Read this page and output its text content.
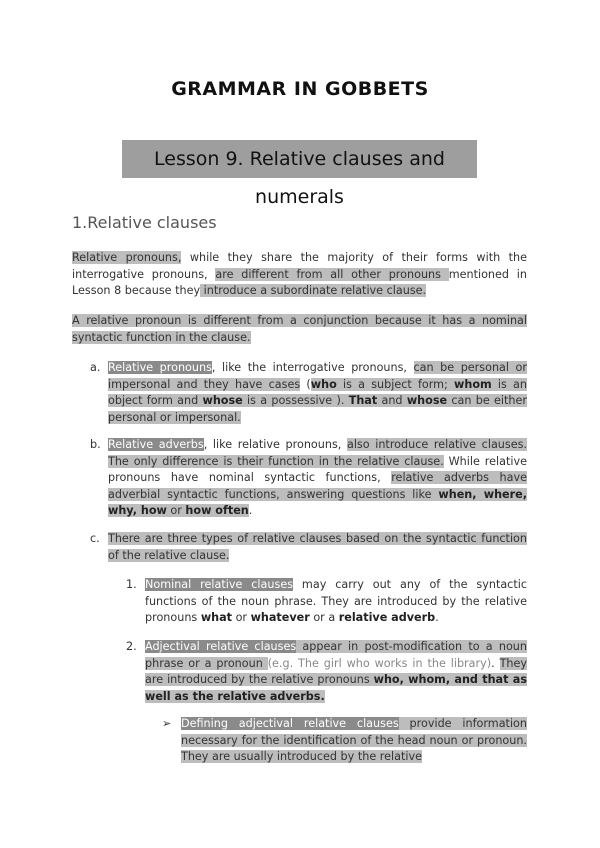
GRAMMAR IN GOBBETS
Lesson 9. Relative clauses and numerals
1.Relative clauses
Relative pronouns, while they share the majority of their forms with the interrogative pronouns, are different from all other pronouns mentioned in Lesson 8 because they introduce a subordinate relative clause.
A relative pronoun is different from a conjunction because it has a nominal syntactic function in the clause.
a. Relative pronouns, like the interrogative pronouns, can be personal or impersonal and they have cases (who is a subject form; whom is an object form and whose is a possessive ). That and whose can be either personal or impersonal.
b. Relative adverbs, like relative pronouns, also introduce relative clauses. The only difference is their function in the relative clause. While relative pronouns have nominal syntactic functions, relative adverbs have adverbial syntactic functions, answering questions like when, where, why, how or how often.
c. There are three types of relative clauses based on the syntactic function of the relative clause.
1. Nominal relative clauses may carry out any of the syntactic functions of the noun phrase. They are introduced by the relative pronouns what or whatever or a relative adverb.
2. Adjectival relative clauses appear in post-modification to a noun phrase or a pronoun (e.g. The girl who works in the library). They are introduced by the relative pronouns who, whom, and that as well as the relative adverbs.
➢ Defining adjectival relative clauses provide information necessary for the identification of the head noun or pronoun. They are usually introduced by the relative
